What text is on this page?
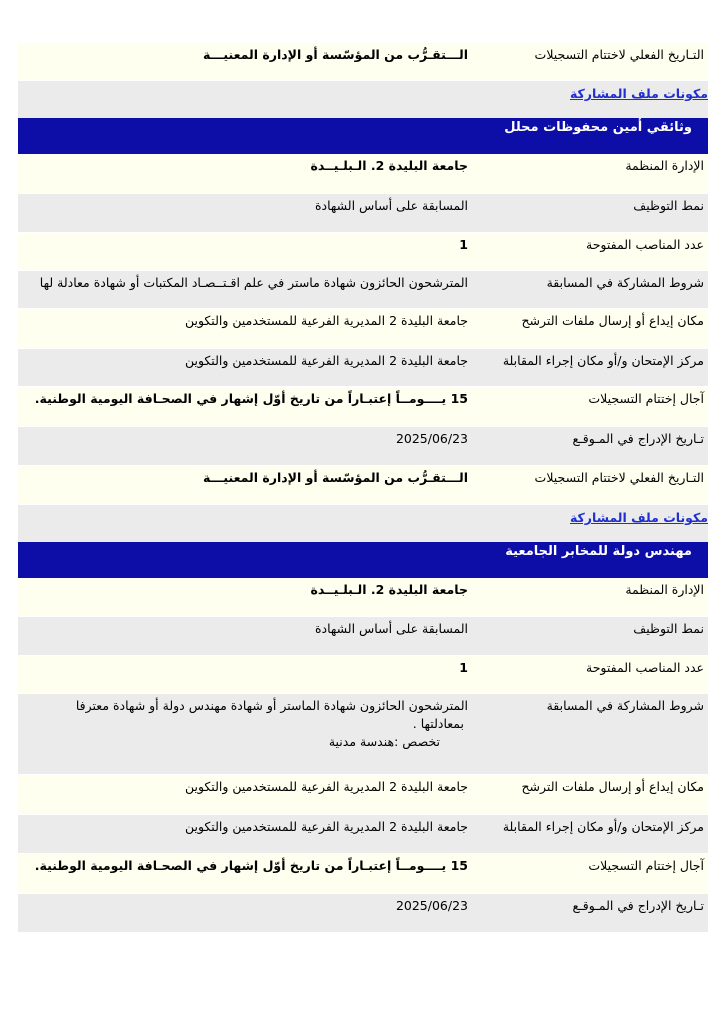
التـاريخ الفعلي لاختتام التسجيلات
الـــتقـرُّب من المؤسّسة أو الإدارة المعنيـــة
مكونات ملف المشاركة
وثائقي أمين محفوظات محلل
الإدارة المنظمة
جامعة البليدة 2. الـبلـيــدة
نمط التوظيف
المسابقة على أساس الشهادة
عدد المناصب المفتوحة
1
شروط المشاركة في المسابقة
المترشحون الحائزون شهادة ماستر في علم اقـتــصـاد المكتبات أو شهادة معادلة لها
مكان إيداع أو إرسال ملفات الترشح
جامعة البليدة 2 المديرية الفرعية للمستخدمين والتكوين
مركز الإمتحان و/أو مكان إجراء المقابلة
جامعة البليدة 2 المديرية الفرعية للمستخدمين والتكوين
آجال إختتام التسجيلات
15 يــــومــاً إعتبـاراً من تاريخ أوّل إشهار في الصحـافة اليومية الوطنية.
تـاريخ الإدراج في المـوقـع
2025/06/23
التـاريخ الفعلي لاختتام التسجيلات
الـــتقـرُّب من المؤسّسة أو الإدارة المعنيـــة
مكونات ملف المشاركة
مهندس دولة للمخابر الجامعية
الإدارة المنظمة
جامعة البليدة 2. الـبلـيــدة
نمط التوظيف
المسابقة على أساس الشهادة
عدد المناصب المفتوحة
1
شروط المشاركة في المسابقة
المترشحون الحائزون شهادة الماستر أو شهادة مهندس دولة أو شهادة معترفا
بمعادلتها .
تخصص :هندسة مدنية
مكان إيداع أو إرسال ملفات الترشح
جامعة البليدة 2 المديرية الفرعية للمستخدمين والتكوين
مركز الإمتحان و/أو مكان إجراء المقابلة
جامعة البليدة 2 المديرية الفرعية للمستخدمين والتكوين
آجال إختتام التسجيلات
15 يــــومــاً إعتبـاراً من تاريخ أوّل إشهار في الصحـافة اليومية الوطنية.
تـاريخ الإدراج في المـوقـع
2025/06/23
